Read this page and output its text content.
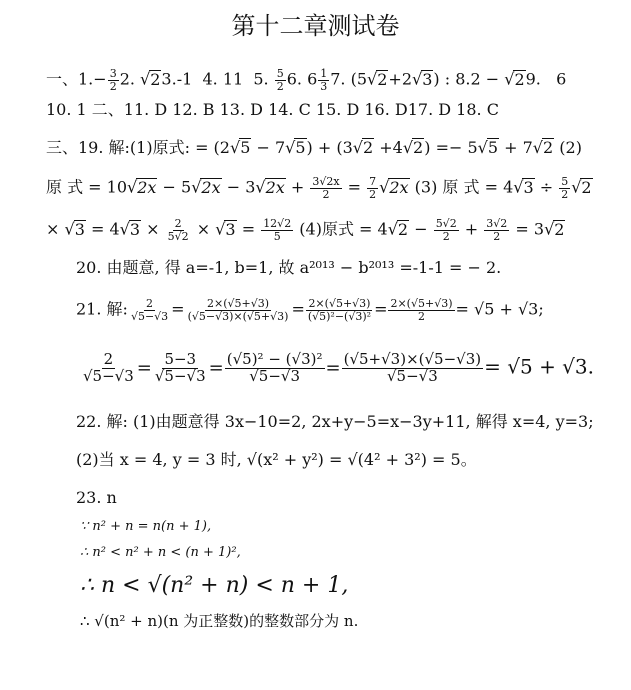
第十二章测试卷
一、$1.- \frac{3}{2} 2$. √23.-1 4. 11 5. $\frac{5}{2} 6$. $6 \frac{1}{3} 7$. (5√2+2√3) : 8.2 − √29. 6
10. 1 二、11. D 12. B 13. D 14. C 15. D 16. D17. D 18. C
三、19. 解:(1)原式: = (2√5 − 7√5) + (3√2 +4√2) =− 5√5 + 7√2 (2)
原 式 = $10√2x - 5√2x - 3√2x + \frac{3√2x}{2} = \frac{7}{2} √2x$ (3) 原 式 = $4√3 \div \frac{5}{2} √2$
× $√3 = 4√3 \times \frac{2}{5√2} \times √3 = \frac{12√2}{5} (4)$原式 = $4√2 - \frac{5√2}{2} + \frac{3√2}{2} = 3√2$
20. 由题意, 得 a=-1, b=1, 故 a²⁰¹³ − b²⁰¹³ =-1-1 = − 2.
21. 解: $\frac{2}{√5-√3} = \frac{2\times(√5+√3)}{(√5-√3)\times(√5+√3)} = \frac{2\times(√5+√3)}{\text{(√5)²−(√3)²}} = \frac{2\times(√5+√3)}{2} = √5 + √3$;
$\frac{2}{√5-√3} = \frac{5-3}{√5-√3} = \frac{\text{(√5)² − (√3)²}}{√5-√3} = \frac{(√5+√3)\times(√5-√3)}{√5-√3} = √5 + √3$.
22. 解: (1)由题意得 3x−10=2, 2x+y−5=x−3y+11, 解得 x=4, y=3;
(2)当 x = 4, y = 3 时, √(x² + y²) = √(4² + 3²) = 5。
23. n
∵ n² + n = n(n + 1),
∴ n² < n² + n < (n + 1)²,
∴ n < √(n² + n) < n + 1,
∴ √(n² + n)(n 为正整数)的整数部分为 n.
